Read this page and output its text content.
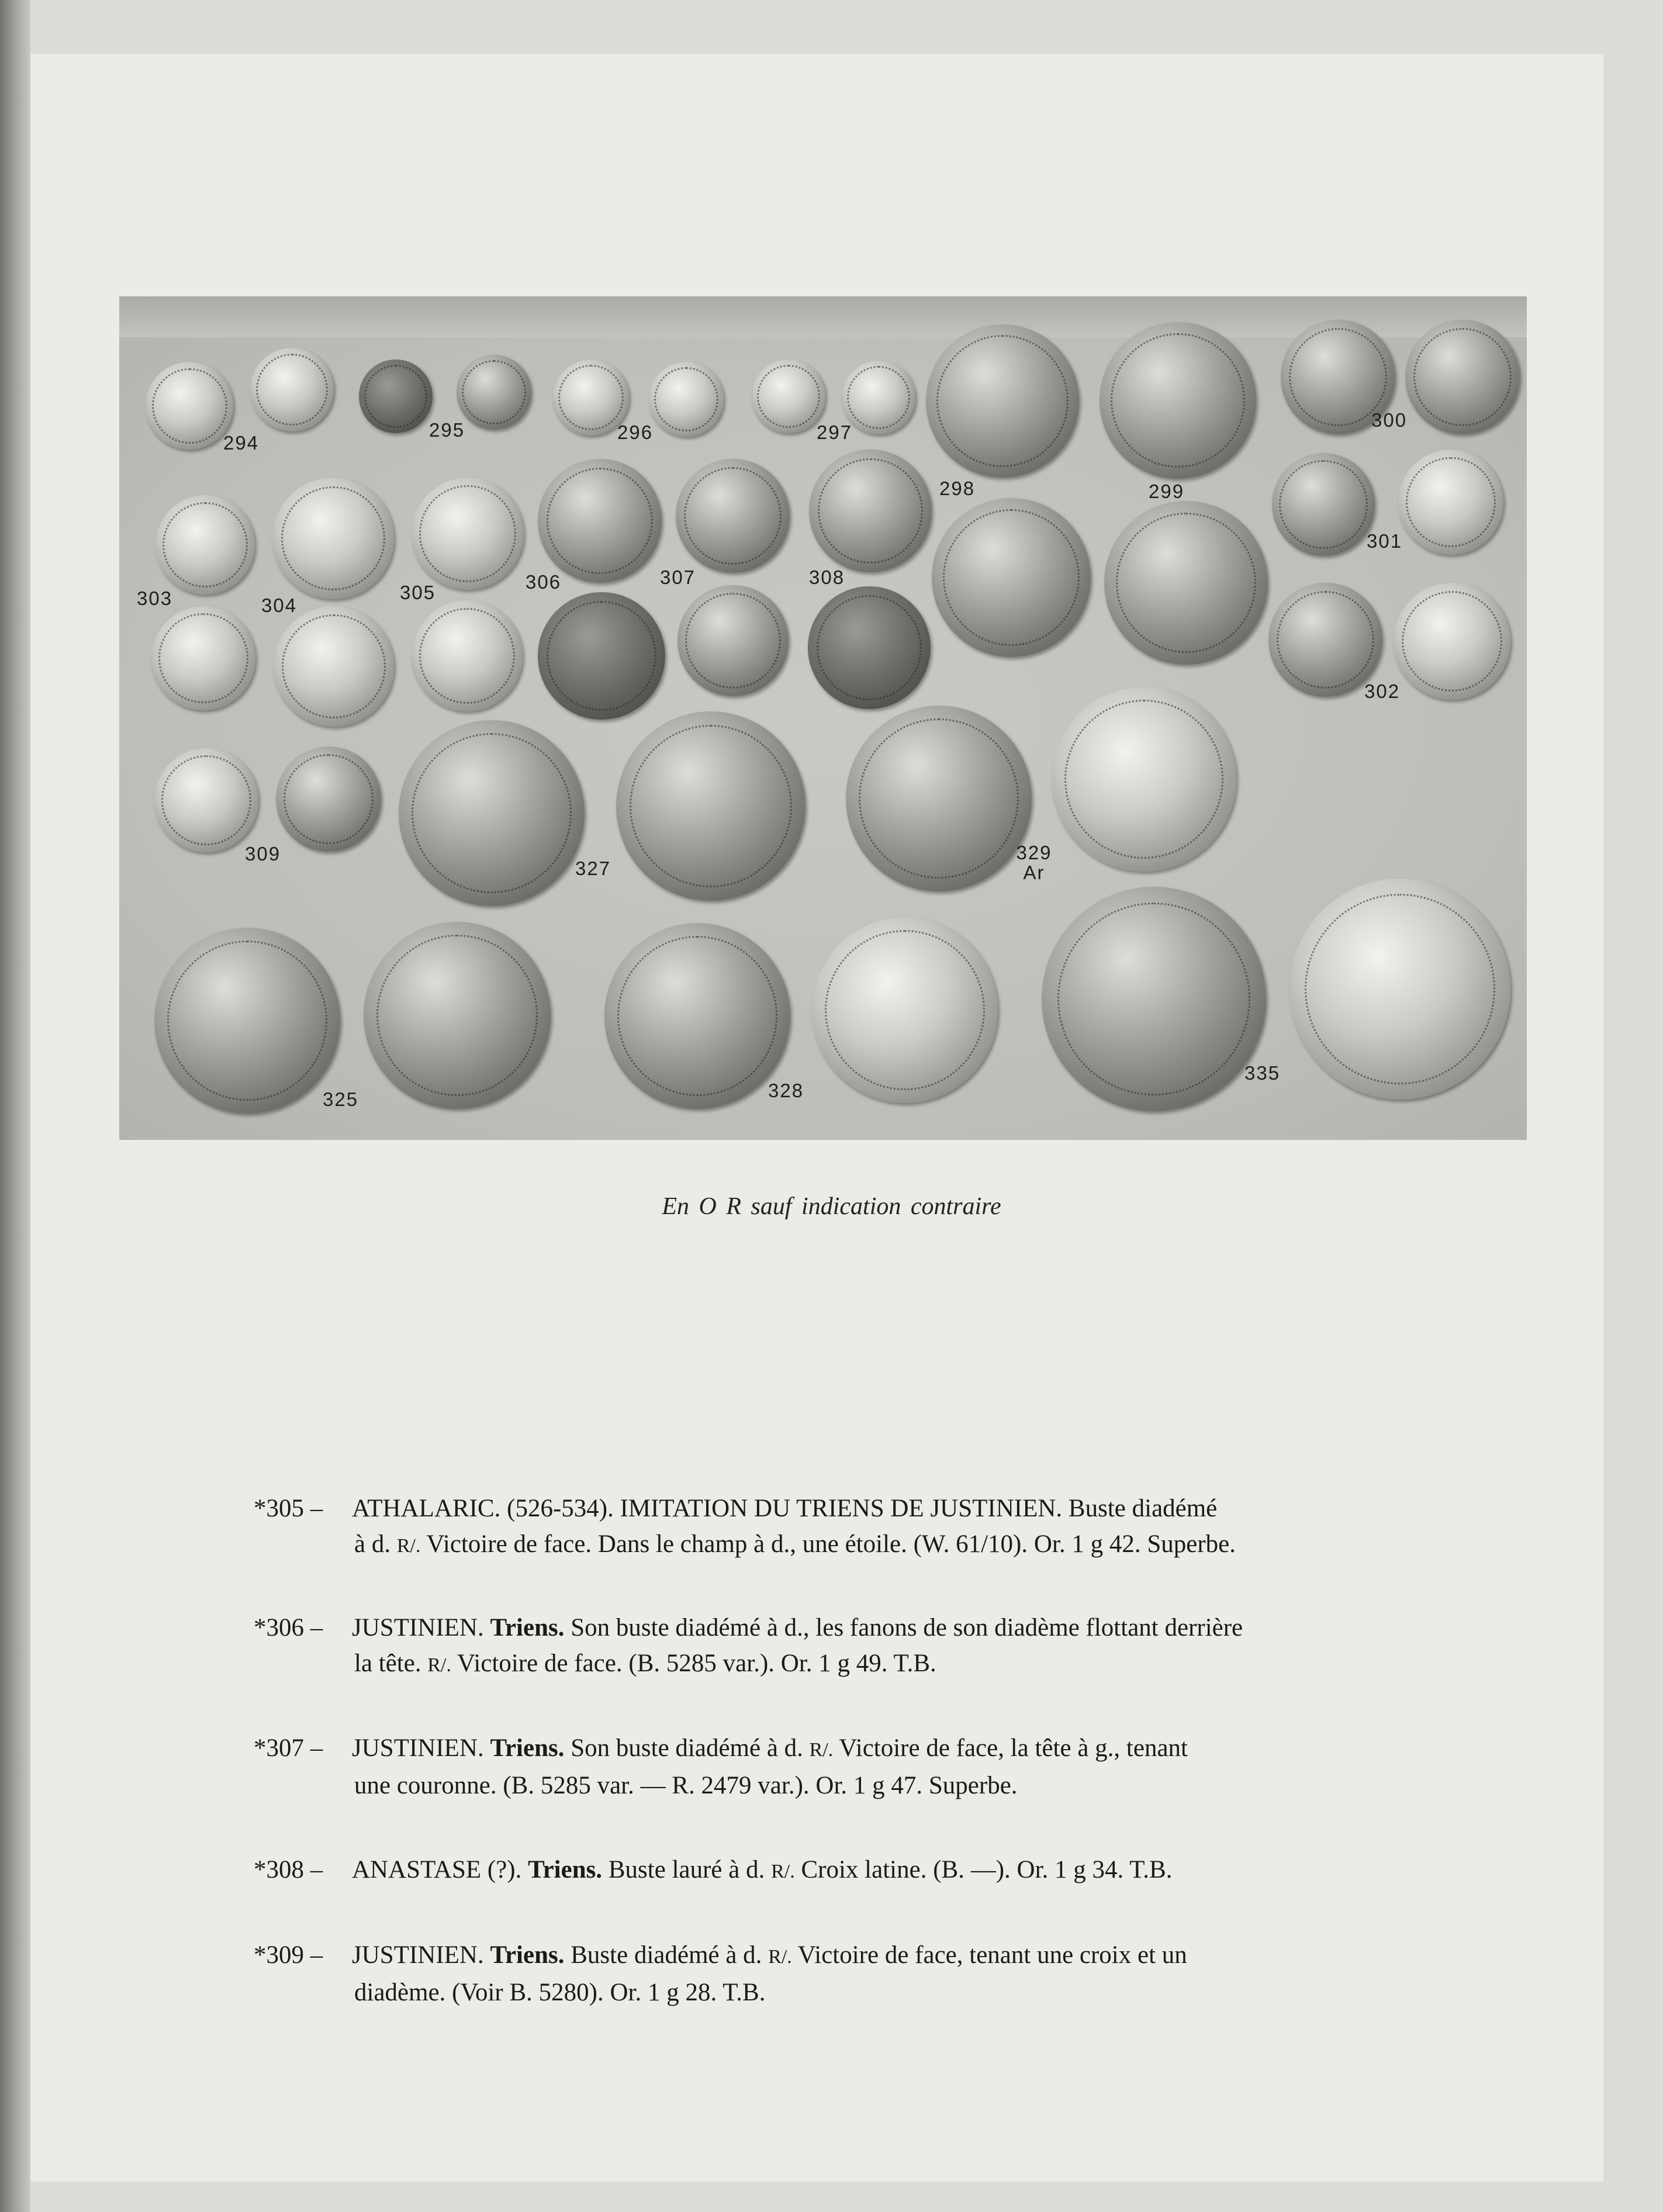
294
295	296	297
300
298	299
301
303	304
305	306	307	308
302
309
327
329
Ar
325	328
335
En O R sauf indication contraire
*305 –	ATHALARIC. (526-534). IMITATION DU TRIENS DE JUSTINIEN. Buste diadémé
à d. R/. Victoire de face. Dans le champ à d., une étoile. (W. 61/10). Or. 1 g 42. Superbe.
*306 –	JUSTINIEN. Triens. Son buste diadémé à d., les fanons de son diadème flottant derrière
la tête. R/. Victoire de face. (B. 5285 var.). Or. 1 g 49. T.B.
*307 –	JUSTINIEN. Triens. Son buste diadémé à d. R/. Victoire de face, la tête à g., tenant
une couronne. (B. 5285 var. — R. 2479 var.). Or. 1 g 47. Superbe.
*308 –	ANASTASE (?). Triens. Buste lauré à d. R/. Croix latine. (B. —). Or. 1 g 34. T.B.
*309 –	JUSTINIEN. Triens. Buste diadémé à d. R/. Victoire de face, tenant une croix et un
diadème. (Voir B. 5280). Or. 1 g 28. T.B.
